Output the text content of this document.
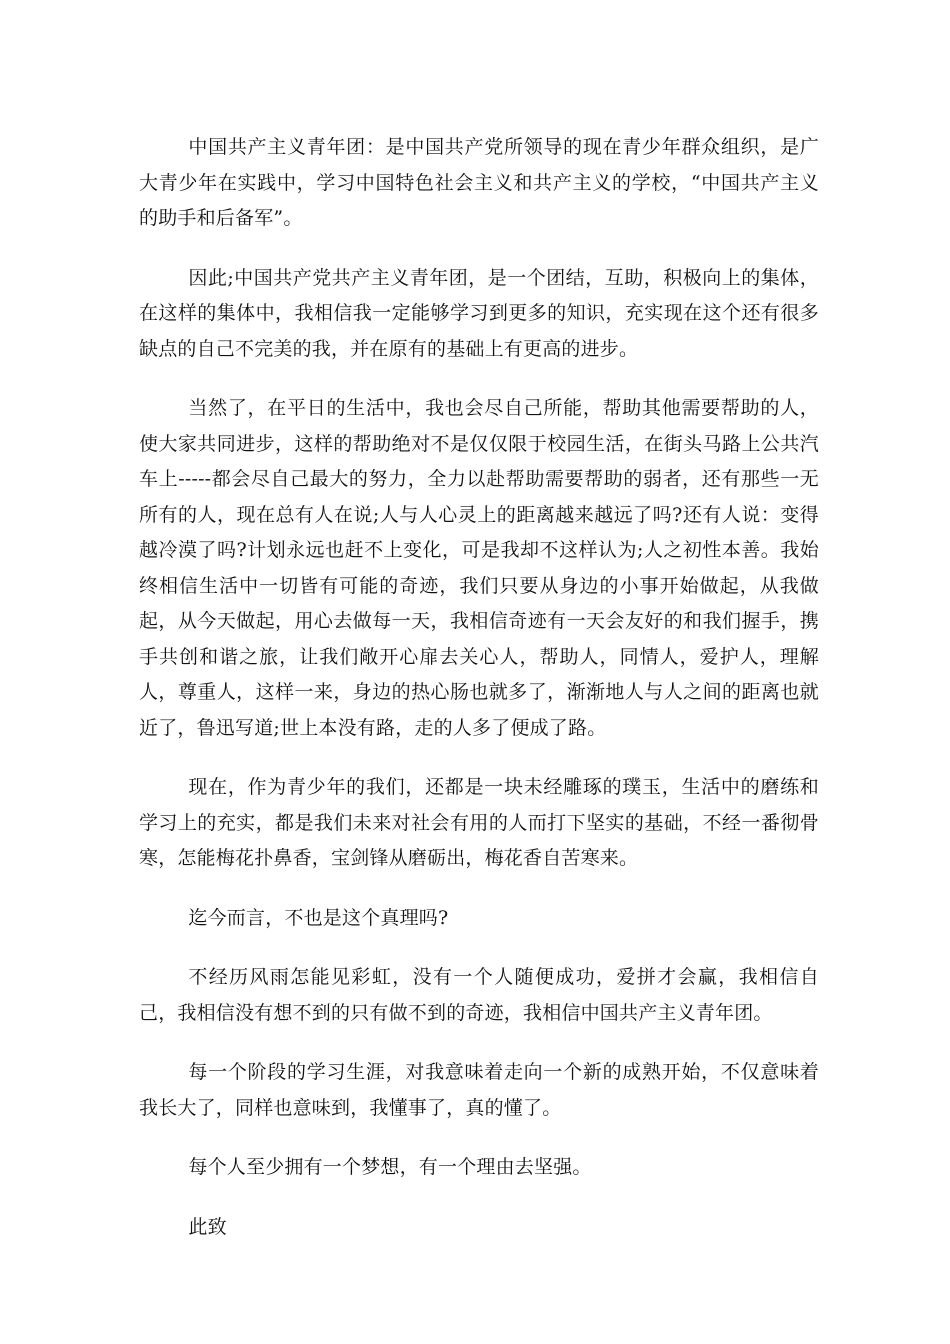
中国共产主义青年团：是中国共产党所领导的现在青少年群众组织，是广大青少年在实践中，学习中国特色社会主义和共产主义的学校，“中国共产主义的助手和后备军”。

因此;中国共产党共产主义青年团，是一个团结，互助，积极向上的集体，在这样的集体中，我相信我一定能够学习到更多的知识，充实现在这个还有很多缺点的自己不完美的我，并在原有的基础上有更高的进步。

当然了，在平日的生活中，我也会尽自己所能，帮助其他需要帮助的人，使大家共同进步，这样的帮助绝对不是仅仅限于校园生活，在街头马路上公共汽车上-----都会尽自己最大的努力，全力以赴帮助需要帮助的弱者，还有那些一无所有的人，现在总有人在说;人与人心灵上的距离越来越远了吗?还有人说：变得越冷漠了吗?计划永远也赶不上变化，可是我却不这样认为;人之初性本善。我始终相信生活中一切皆有可能的奇迹，我们只要从身边的小事开始做起，从我做起，从今天做起，用心去做每一天，我相信奇迹有一天会友好的和我们握手，携手共创和谐之旅，让我们敞开心扉去关心人，帮助人，同情人，爱护人，理解人，尊重人，这样一来，身边的热心肠也就多了，渐渐地人与人之间的距离也就近了，鲁迅写道;世上本没有路，走的人多了便成了路。

现在，作为青少年的我们，还都是一块未经雕琢的璞玉，生活中的磨练和学习上的充实，都是我们未来对社会有用的人而打下坚实的基础，不经一番彻骨寒，怎能梅花扑鼻香，宝剑锋从磨砺出，梅花香自苦寒来。

迄今而言，不也是这个真理吗?

不经历风雨怎能见彩虹，没有一个人随便成功，爱拼才会赢，我相信自己，我相信没有想不到的只有做不到的奇迹，我相信中国共产主义青年团。

每一个阶段的学习生涯，对我意味着走向一个新的成熟开始，不仅意味着我长大了，同样也意味到，我懂事了，真的懂了。

每个人至少拥有一个梦想，有一个理由去坚强。

此致
